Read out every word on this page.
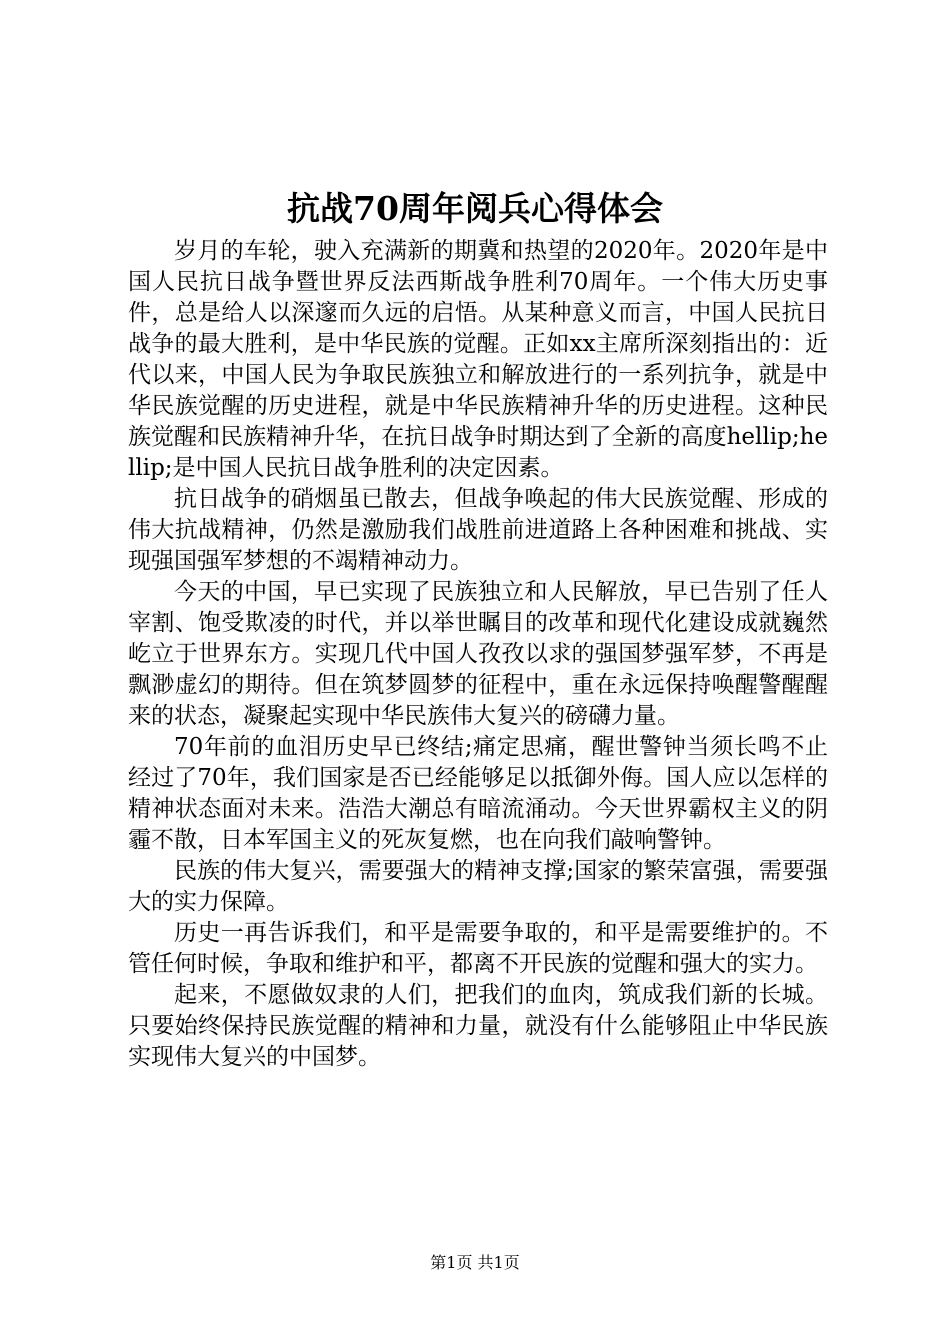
抗战70周年阅兵心得体会

岁月的车轮，驶入充满新的期冀和热望的2020年。2020年是中国人民抗日战争暨世界反法西斯战争胜利70周年。一个伟大历史事件，总是给人以深邃而久远的启悟。从某种意义而言，中国人民抗日战争的最大胜利，是中华民族的觉醒。正如xx主席所深刻指出的：近代以来，中国人民为争取民族独立和解放进行的一系列抗争，就是中华民族觉醒的历史进程，就是中华民族精神升华的历史进程。这种民族觉醒和民族精神升华，在抗日战争时期达到了全新的高度hellip;hellip;是中国人民抗日战争胜利的决定因素。

抗日战争的硝烟虽已散去，但战争唤起的伟大民族觉醒、形成的伟大抗战精神，仍然是激励我们战胜前进道路上各种困难和挑战、实现强国强军梦想的不竭精神动力。

今天的中国，早已实现了民族独立和人民解放，早已告别了任人宰割、饱受欺凌的时代，并以举世瞩目的改革和现代化建设成就巍然屹立于世界东方。实现几代中国人孜孜以求的强国梦强军梦，不再是飘渺虚幻的期待。但在筑梦圆梦的征程中，重在永远保持唤醒警醒醒来的状态，凝聚起实现中华民族伟大复兴的磅礴力量。

70年前的血泪历史早已终结;痛定思痛，醒世警钟当须长鸣不止经过了70年，我们国家是否已经能够足以抵御外侮。国人应以怎样的精神状态面对未来。浩浩大潮总有暗流涌动。今天世界霸权主义的阴霾不散，日本军国主义的死灰复燃，也在向我们敲响警钟。

民族的伟大复兴，需要强大的精神支撑;国家的繁荣富强，需要强大的实力保障。

历史一再告诉我们，和平是需要争取的，和平是需要维护的。不管任何时候，争取和维护和平，都离不开民族的觉醒和强大的实力。

起来，不愿做奴隶的人们，把我们的血肉，筑成我们新的长城。只要始终保持民族觉醒的精神和力量，就没有什么能够阻止中华民族实现伟大复兴的中国梦。

第1页 共1页
